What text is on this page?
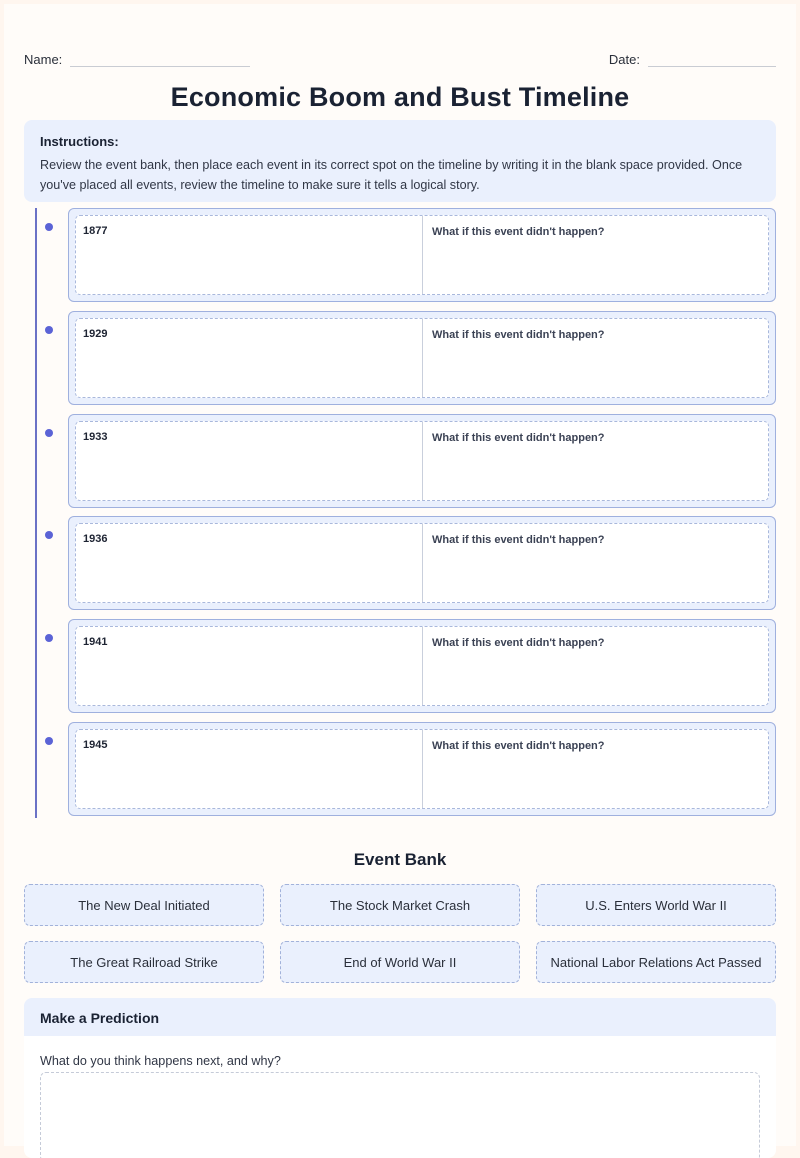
Name:	Date:
Economic Boom and Bust Timeline
Instructions:
Review the event bank, then place each event in its correct spot on the timeline by writing it in the blank space provided. Once you've placed all events, review the timeline to make sure it tells a logical story.
1877	What if this event didn't happen?
1929	What if this event didn't happen?
1933	What if this event didn't happen?
1936	What if this event didn't happen?
1941	What if this event didn't happen?
1945	What if this event didn't happen?
Event Bank
The New Deal Initiated	The Stock Market Crash	U.S. Enters World War II
The Great Railroad Strike	End of World War II	National Labor Relations Act Passed
Make a Prediction
What do you think happens next, and why?
